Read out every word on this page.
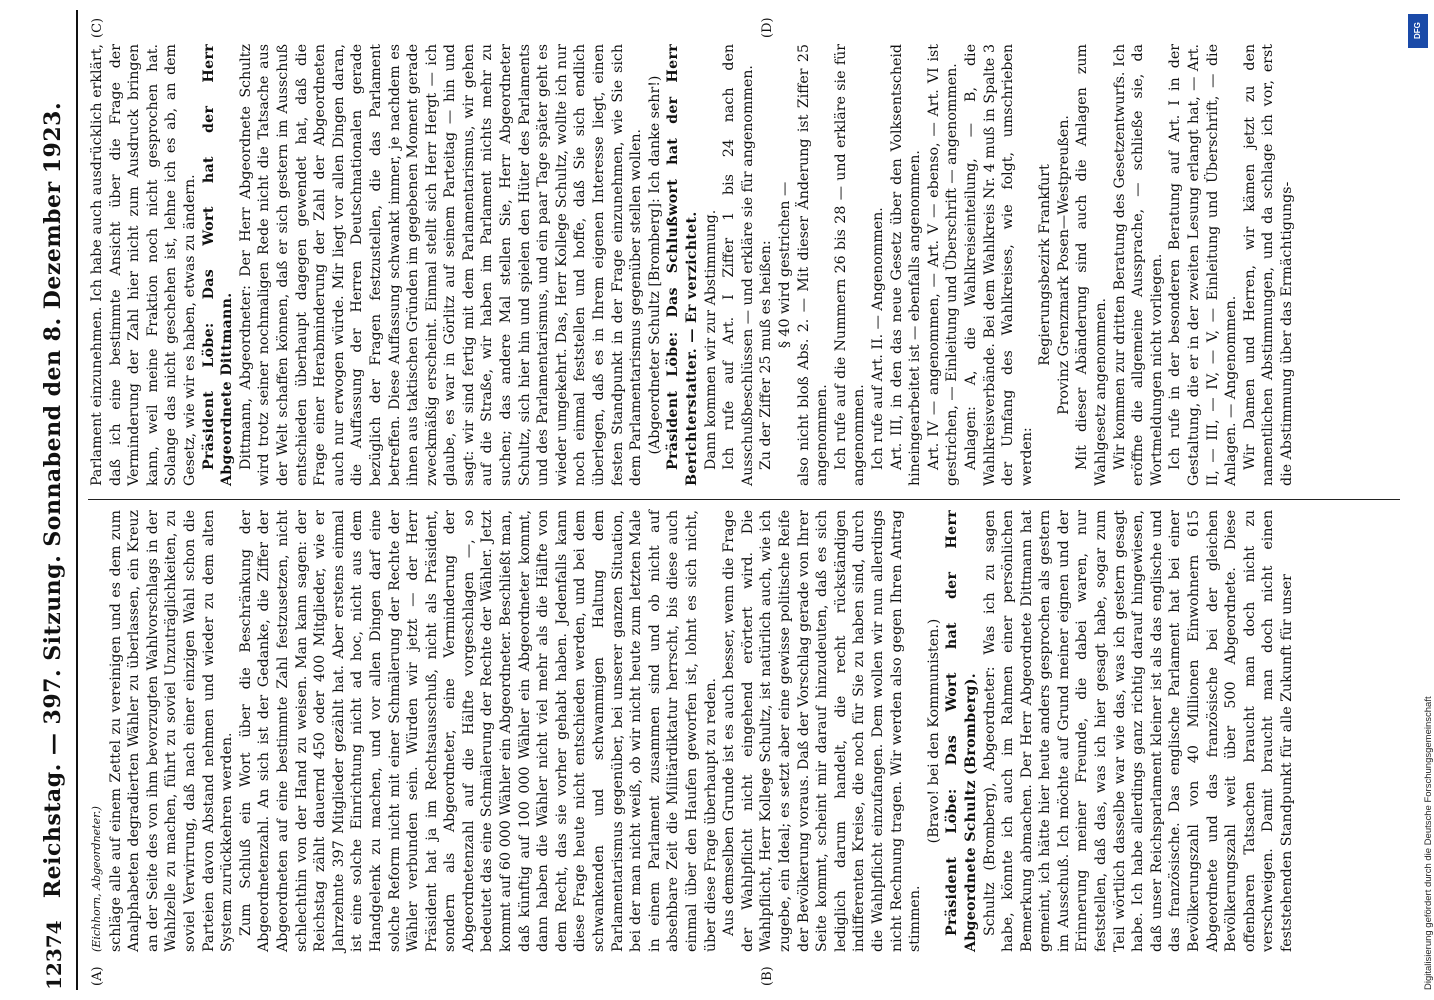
12374
Reichstag. — 397. Sitzung. Sonnabend den 8. Dezember 1923.
(A)	(B)
(C)	(D)

(Eichhorn, Abgeordneter.) schläge alle auf einem Zettel zu vereinigen und es dem zum Analphabeten degradierten Wähler zu überlassen, ein Kreuz an der Seite des von ihm bevorzugten Wahlvorschlags in der Wahlzelle zu machen, führt zu soviel Unzuträglichkeiten, zu soviel Verwirrung, daß nach einer einzigen Wahl schon die Parteien davon Abstand nehmen und wieder zu dem alten System zurückkehren werden. Zum Schluß ein Wort über die Beschränkung der Abgeordnetenzahl. An sich ist der Gedanke, die Ziffer der Abgeordneten auf eine bestimmte Zahl festzusetzen, nicht schlechthin von der Hand zu weisen. Man kann sagen: der Reichstag zählt dauernd 450 oder 400 Mitglieder, wie er Jahrzehnte 397 Mitglieder gezählt hat. Aber erstens einmal ist eine solche Einrichtung nicht ad hoc, nicht aus dem Handgelenk zu machen, und vor allen Dingen darf eine solche Reform nicht mit einer Schmälerung der Rechte der Wähler verbunden sein. Würden wir jetzt — der Herr Präsident hat ja im Rechtsausschuß, nicht als Präsident, sondern als Abgeordneter, eine Verminderung der Abgeordnetenzahl auf die Hälfte vorgeschlagen —, so bedeutet das eine Schmälerung der Rechte der Wähler. Jetzt kommt auf 60 000 Wähler ein Abgeordneter. Beschließt man, daß künftig auf 100 000 Wähler ein Abgeordneter kommt, dann haben die Wähler nicht viel mehr als die Hälfte von dem Recht, das sie vorher gehabt haben. Jedenfalls kann diese Frage heute nicht entschieden werden, und bei dem schwankenden und schwammigen Haltung dem Parlamentarismus gegenüber, bei unserer ganzen Situation, bei der man nicht weiß, ob wir nicht heute zum letzten Male in einem Parlament zusammen sind und ob nicht auf absehbare Zeit die Militärdiktatur herrscht, bis diese auch einmal über den Haufen geworfen ist, lohnt es sich nicht, über diese Frage überhaupt zu reden. Aus demselben Grunde ist es auch besser, wenn die Frage der Wahlpflicht nicht eingehend erörtert wird. Die Wahlpflicht, Herr Kollege Schultz, ist natürlich auch, wie ich zugebe, ein Ideal; es setzt aber eine gewisse politische Reife der Bevölkerung voraus. Daß der Vorschlag gerade von Ihrer Seite kommt, scheint mir darauf hinzudeuten, daß es sich lediglich darum handelt, die recht rückständigen indifferenten Kreise, die noch für Sie zu haben sind, durch die Wahlpflicht einzufangen. Dem wollen wir nun allerdings nicht Rechnung tragen. Wir werden also gegen Ihren Antrag stimmen.

(Bravo! bei den Kommunisten.) Präsident Löbe: Das Wort hat der Herr Abgeordnete Schultz (Bromberg). Schultz (Bromberg), Abgeordneter: Was ich zu sagen habe, könnte ich auch im Rahmen einer persönlichen Bemerkung abmachen. Der Herr Abgeordnete Dittmann hat gemeint, ich hätte hier heute anders gesprochen als gestern im Ausschuß. Ich möchte auf Grund meiner eignen und der Erinnerung meiner Freunde, die dabei waren, nur feststellen, daß das, was ich hier gesagt habe, sogar zum Teil wörtlich dasselbe war wie das, was ich gestern gesagt habe. Ich habe allerdings ganz richtig darauf hingewiesen, daß unser Reichsparlament kleiner ist als das englische und das französische. Das englische Parlament hat bei einer Bevölkerungszahl von 40 Millionen Einwohnern 615 Abgeordnete und das französische bei der gleichen Bevölkerungszahl weit über 500 Abgeordnete. Diese offenbaren Tatsachen braucht man doch nicht zu verschweigen. Damit braucht man doch nicht einen feststehenden Standpunkt für alle Zukunft für unser

Parlament einzunehmen. Ich habe auch ausdrücklich erklärt, daß ich eine bestimmte Ansicht über die Frage der Verminderung der Zahl hier nicht zum Ausdruck bringen kann, weil meine Fraktion noch nicht gesprochen hat. Solange das nicht geschehen ist, lehne ich es ab, an dem Gesetz, wie wir es haben, etwas zu ändern. Präsident Löbe: Das Wort hat der Herr Abgeordnete Dittmann. Dittmann, Abgeordneter: Der Herr Abgeordnete Schultz wird trotz seiner nochmaligen Rede nicht die Tatsache aus der Welt schaffen können, daß er sich gestern im Ausschuß entschieden überhaupt dagegen gewendet hat, daß die Frage einer Herabminderung der Zahl der Abgeordneten auch nur erwogen würde. Mir liegt vor allen Dingen daran, die Auffassung der Herren Deutschnationalen gerade bezüglich der Fragen festzustellen, die das Parlament betreffen. Diese Auffassung schwankt immer, je nachdem es ihnen aus taktischen Gründen im gegebenen Moment gerade zweckmäßig erscheint. Einmal stellt sich Herr Hergt — ich glaube, es war in Görlitz auf seinem Parteitag — hin und sagt: wir sind fertig mit dem Parlamentarismus, wir gehen auf die Straße, wir haben im Parlament nichts mehr zu suchen; das andere Mal stellen Sie, Herr Abgeordneter Schultz, sich hier hin und spielen den Hüter des Parlaments und des Parlamentarismus, und ein paar Tage später geht es wieder umgekehrt. Das, Herr Kollege Schultz, wollte ich nur noch einmal feststellen und hoffe, daß Sie sich endlich überlegen, daß es in Ihrem eigenen Interesse liegt, einen festen Standpunkt in der Frage einzunehmen, wie Sie sich dem Parlamentarismus gegenüber stellen wollen. (Abgeordneter Schultz [Bromberg]: Ich danke sehr!) Präsident Löbe: Das Schlußwort hat der Herr Berichterstatter. — Er verzichtet. Dann kommen wir zur Abstimmung. Ich rufe auf Art. I Ziffer 1 bis 24 nach den Ausschußbeschlüssen — und erkläre sie für angenommen. Zu der Ziffer 25 muß es heißen: § 40 wird gestrichen — also nicht bloß Abs. 2. — Mit dieser Änderung ist Ziffer 25 angenommen. Ich rufe auf die Nummern 26 bis 28 — und erkläre sie für angenommen. Ich rufe auf Art. II. — Angenommen. Art. III, in den das neue Gesetz über den Volksentscheid hineingearbeitet ist — ebenfalls angenommen. Art. IV — angenommen, — Art. V — ebenso, — Art. VI ist gestrichen, — Einleitung und Überschrift — angenommen. Anlagen: A, die Wahlkreiseinteilung, — B, die Wahlkreisverbände. Bei dem Wahlkreis Nr. 4 muß in Spalte 3 der Umfang des Wahlkreises, wie folgt, umschrieben werden:

Regierungsbezirk Frankfurt Provinz Grenzmark Posen—Westpreußen. Mit dieser Abänderung sind auch die Anlagen zum Wahlgesetz angenommen. Wir kommen zur dritten Beratung des Gesetzentwurfs. Ich eröffne die allgemeine Aussprache, — schließe sie, da Wortmeldungen nicht vorliegen. Ich rufe in der besonderen Beratung auf Art. I in der Gestaltung, die er in der zweiten Lesung erlangt hat, — Art. II, — III, — IV, — V, — Einleitung und Überschrift, — die Anlagen. — Angenommen. Wir Damen und Herren, wir kämen jetzt zu den namentlichen Abstimmungen, und da schlage ich vor, erst die Abstimmung über das Ermächtigungs-

DFG
Digitalisierung gefördert durch die Deutsche Forschungsgemeinschaft
